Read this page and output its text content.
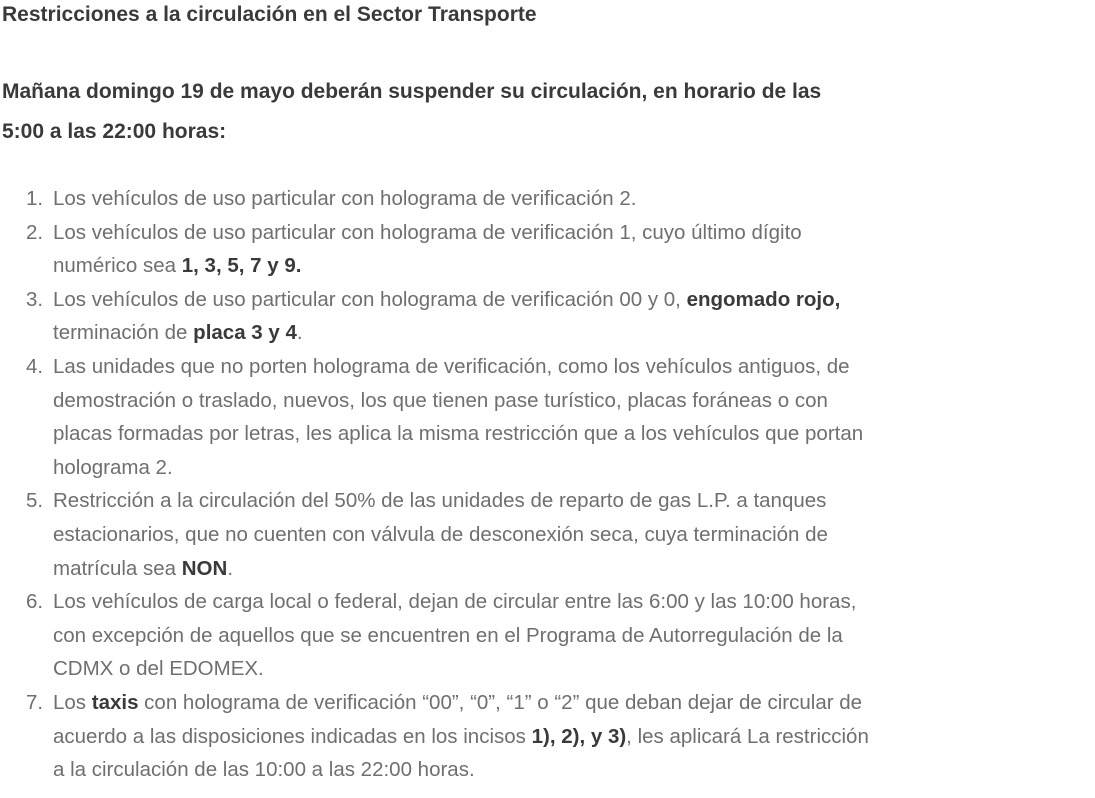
Restricciones a la circulación en el Sector Transporte

Mañana domingo 19 de mayo deberán suspender su circulación, en horario de las 5:00 a las 22:00 horas:

1. Los vehículos de uso particular con holograma de verificación 2.
2. Los vehículos de uso particular con holograma de verificación 1, cuyo último dígito numérico sea 1, 3, 5, 7 y 9.
3. Los vehículos de uso particular con holograma de verificación 00 y 0, engomado rojo, terminación de placa 3 y 4.
4. Las unidades que no porten holograma de verificación, como los vehículos antiguos, de demostración o traslado, nuevos, los que tienen pase turístico, placas foráneas o con placas formadas por letras, les aplica la misma restricción que a los vehículos que portan holograma 2.
5. Restricción a la circulación del 50% de las unidades de reparto de gas L.P. a tanques estacionarios, que no cuenten con válvula de desconexión seca, cuya terminación de matrícula sea NON.
6. Los vehículos de carga local o federal, dejan de circular entre las 6:00 y las 10:00 horas, con excepción de aquellos que se encuentren en el Programa de Autorregulación de la CDMX o del EDOMEX.
7. Los taxis con holograma de verificación “00”, “0”, “1” o “2” que deban dejar de circular de acuerdo a las disposiciones indicadas en los incisos 1), 2), y 3), les aplicará La restricción a la circulación de las 10:00 a las 22:00 horas.
